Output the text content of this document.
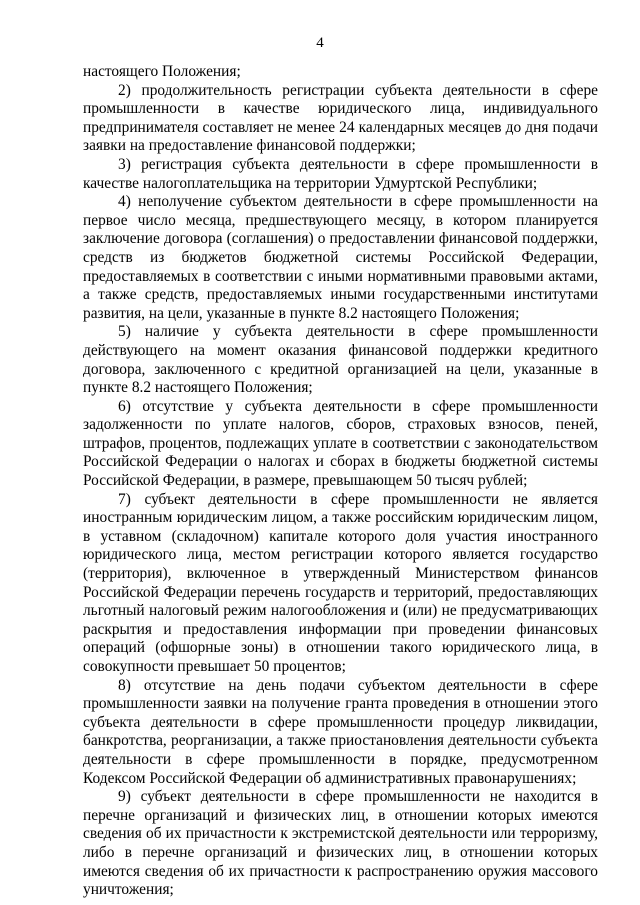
4

настоящего Положения;

2) продолжительность регистрации субъекта деятельности в сфере промышленности в качестве юридического лица, индивидуального предпринимателя составляет не менее 24 календарных месяцев до дня подачи заявки на предоставление финансовой поддержки;

3) регистрация субъекта деятельности в сфере промышленности в качестве налогоплательщика на территории Удмуртской Республики;

4) неполучение субъектом деятельности в сфере промышленности на первое число месяца, предшествующего месяцу, в котором планируется заключение договора (соглашения) о предоставлении финансовой поддержки, средств из бюджетов бюджетной системы Российской Федерации, предоставляемых в соответствии с иными нормативными правовыми актами, а также средств, предоставляемых иными государственными институтами развития, на цели, указанные в пункте 8.2 настоящего Положения;

5) наличие у субъекта деятельности в сфере промышленности действующего на момент оказания финансовой поддержки кредитного договора, заключенного с кредитной организацией на цели, указанные в пункте 8.2 настоящего Положения;

6) отсутствие у субъекта деятельности в сфере промышленности задолженности по уплате налогов, сборов, страховых взносов, пеней, штрафов, процентов, подлежащих уплате в соответствии с законодательством Российской Федерации о налогах и сборах в бюджеты бюджетной системы Российской Федерации, в размере, превышающем 50 тысяч рублей;

7) субъект деятельности в сфере промышленности не является иностранным юридическим лицом, а также российским юридическим лицом, в уставном (складочном) капитале которого доля участия иностранного юридического лица, местом регистрации которого является государство (территория), включенное в утвержденный Министерством финансов Российской Федерации перечень государств и территорий, предоставляющих льготный налоговый режим налогообложения и (или) не предусматривающих раскрытия и предоставления информации при проведении финансовых операций (офшорные зоны) в отношении такого юридического лица, в совокупности превышает 50 процентов;

8) отсутствие на день подачи субъектом деятельности в сфере промышленности заявки на получение гранта проведения в отношении этого субъекта деятельности в сфере промышленности процедур ликвидации, банкротства, реорганизации, а также приостановления деятельности субъекта деятельности в сфере промышленности в порядке, предусмотренном Кодексом Российской Федерации об административных правонарушениях;

9) субъект деятельности в сфере промышленности не находится в перечне организаций и физических лиц, в отношении которых имеются сведения об их причастности к экстремистской деятельности или терроризму, либо в перечне организаций и физических лиц, в отношении которых имеются сведения об их причастности к распространению оружия массового уничтожения;
